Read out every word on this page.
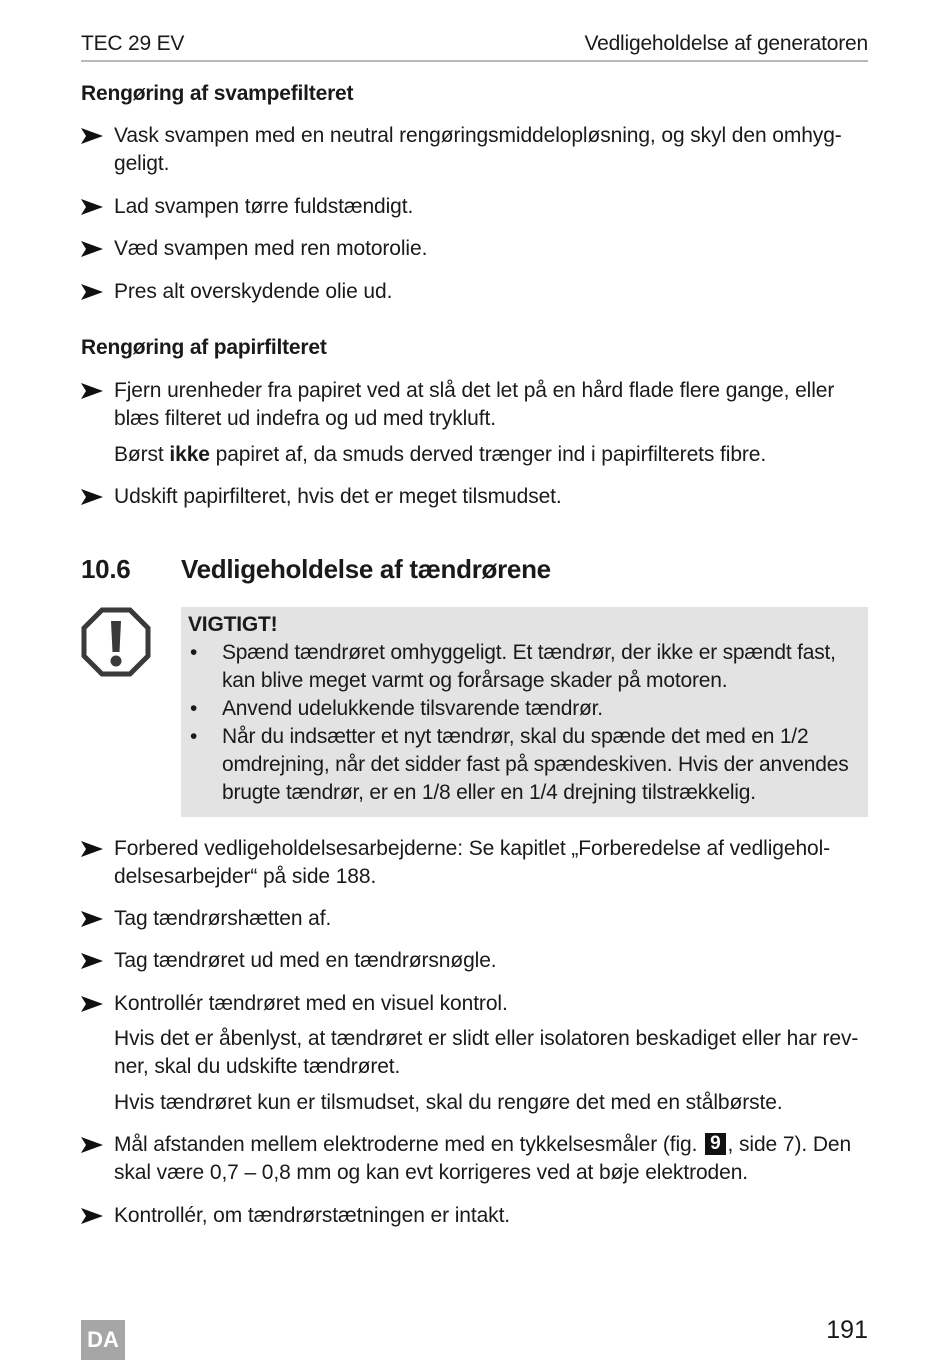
TEC 29 EV	Vedligeholdelse af generatoren
Rengøring af svampefilteret
Vask svampen med en neutral rengøringsmiddelopløsning, og skyl den omhyg-geligt.
Lad svampen tørre fuldstændigt.
Væd svampen med ren motorolie.
Pres alt overskydende olie ud.
Rengøring af papirfilteret
Fjern urenheder fra papiret ved at slå det let på en hård flade flere gange, eller blæs filteret ud indefra og ud med trykluft.
Børst ikke papiret af, da smuds derved trænger ind i papirfilterets fibre.
Udskift papirfilteret, hvis det er meget tilsmudset.
10.6 Vedligeholdelse af tændrørene
VIGTIGT!
• Spænd tændrøret omhyggeligt. Et tændrør, der ikke er spændt fast, kan blive meget varmt og forårsage skader på motoren.
• Anvend udelukkende tilsvarende tændrør.
• Når du indsætter et nyt tændrør, skal du spænde det med en 1/2 omdrejning, når det sidder fast på spændeskiven. Hvis der anvendes brugte tændrør, er en 1/8 eller en 1/4 drejning tilstrækkelig.
Forbered vedligeholdelsesarbejderne: Se kapitlet „Forberedelse af vedligehol-delsesarbejder“ på side 188.
Tag tændrørshætten af.
Tag tændrøret ud med en tændrørsnøgle.
Kontrollér tændrøret med en visuel kontrol.
Hvis det er åbenlyst, at tændrøret er slidt eller isolatoren beskadiget eller har rev-ner, skal du udskifte tændrøret.
Hvis tændrøret kun er tilsmudset, skal du rengøre det med en stålbørste.
Mål afstanden mellem elektroderne med en tykkelsesmåler (fig. 9 , side 7). Den skal være 0,7 – 0,8 mm og kan evt korrigeres ved at bøje elektroden.
Kontrollér, om tændrørstætningen er intakt.
DA	191
